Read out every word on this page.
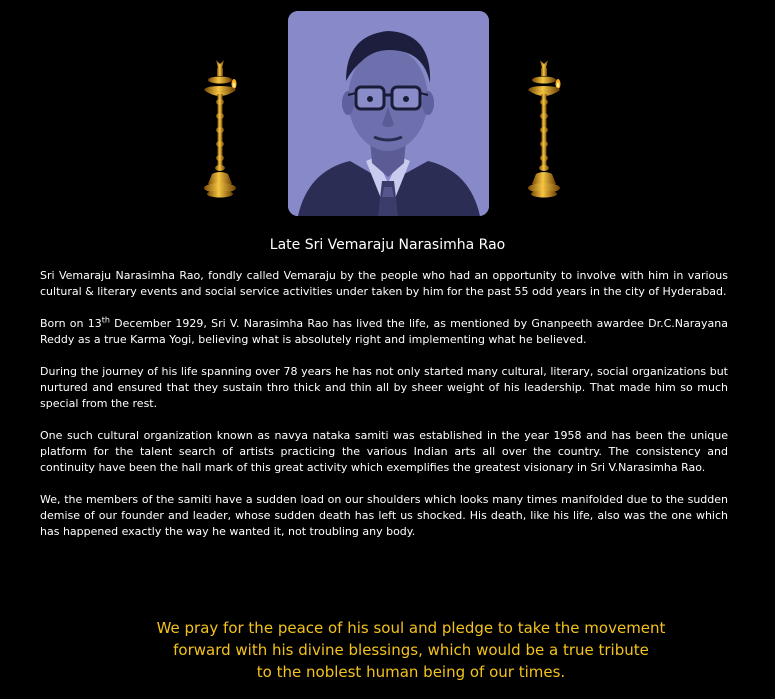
Late Sri Vemaraju Narasimha Rao

Sri Vemaraju Narasimha Rao, fondly called Vemaraju by the people who had an opportunity to involve with him in various cultural & literary events and social service activities under taken by him for the past 55 odd years in the city of Hyderabad.

Born on 13th December 1929, Sri V. Narasimha Rao has lived the life, as mentioned by Gnanpeeth awardee Dr.C.Narayana Reddy as a true Karma Yogi, believing what is absolutely right and implementing what he believed.

During the journey of his life spanning over 78 years he has not only started many cultural, literary, social organizations but nurtured and ensured that they sustain thro thick and thin all by sheer weight of his leadership. That made him so much special from the rest.

One such cultural organization known as navya nataka samiti was established in the year 1958 and has been the unique platform for the talent search of artists practicing the various Indian arts all over the country. The consistency and continuity have been the hall mark of this great activity which exemplifies the greatest visionary in Sri V.Narasimha Rao.

We, the members of the samiti have a sudden load on our shoulders which looks many times manifolded due to the sudden demise of our founder and leader, whose sudden death has left us shocked. His death, like his life, also was the one which has happened exactly the way he wanted it, not troubling any body.

We pray for the peace of his soul and pledge to take the movement
forward with his divine blessings, which would be a true tribute
to the noblest human being of our times.
